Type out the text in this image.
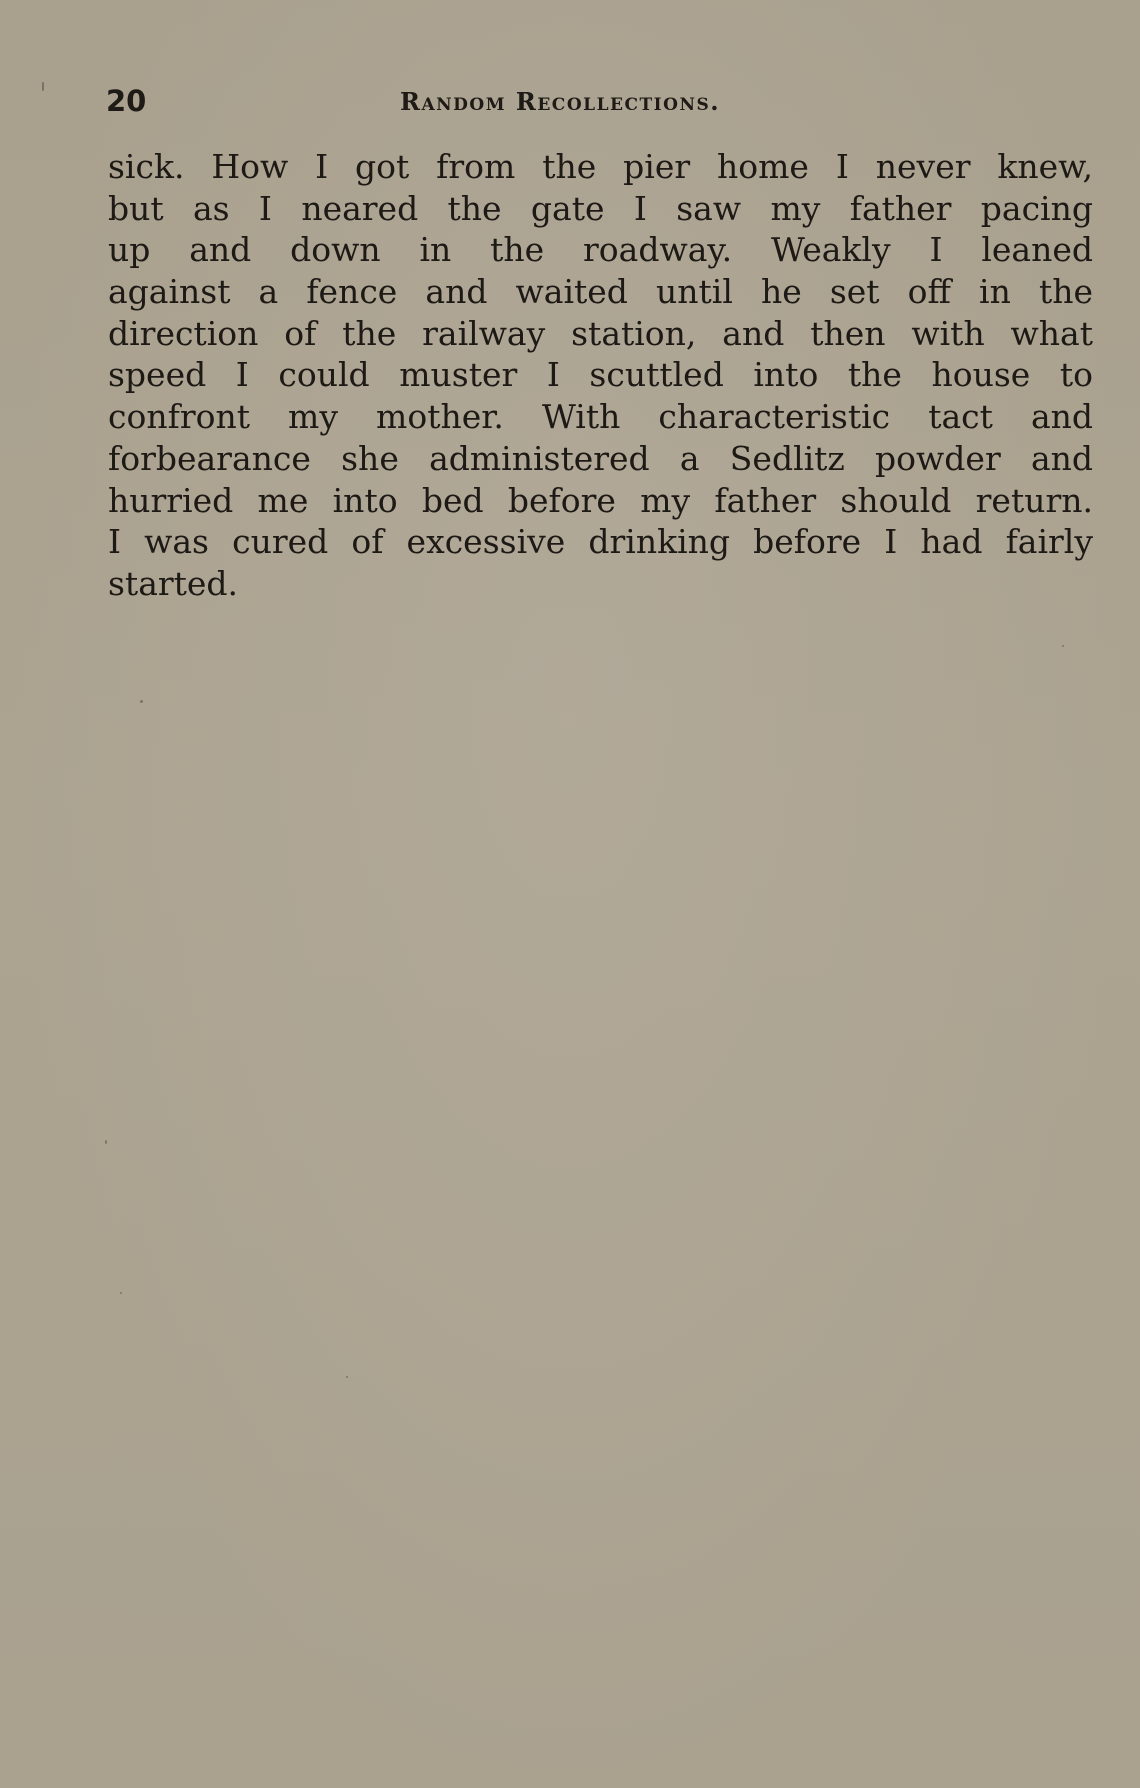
20	Random Recollections.
sick. How I got from the pier home I never knew,
but as I neared the gate I saw my father pacing
up and down in the roadway. Weakly I leaned
against a fence and waited until he set off in the
direction of the railway station, and then with what
speed I could muster I scuttled into the house to
confront my mother. With characteristic tact and
forbearance she administered a Sedlitz powder and
hurried me into bed before my father should return.
I was cured of excessive drinking before I had fairly
started.
